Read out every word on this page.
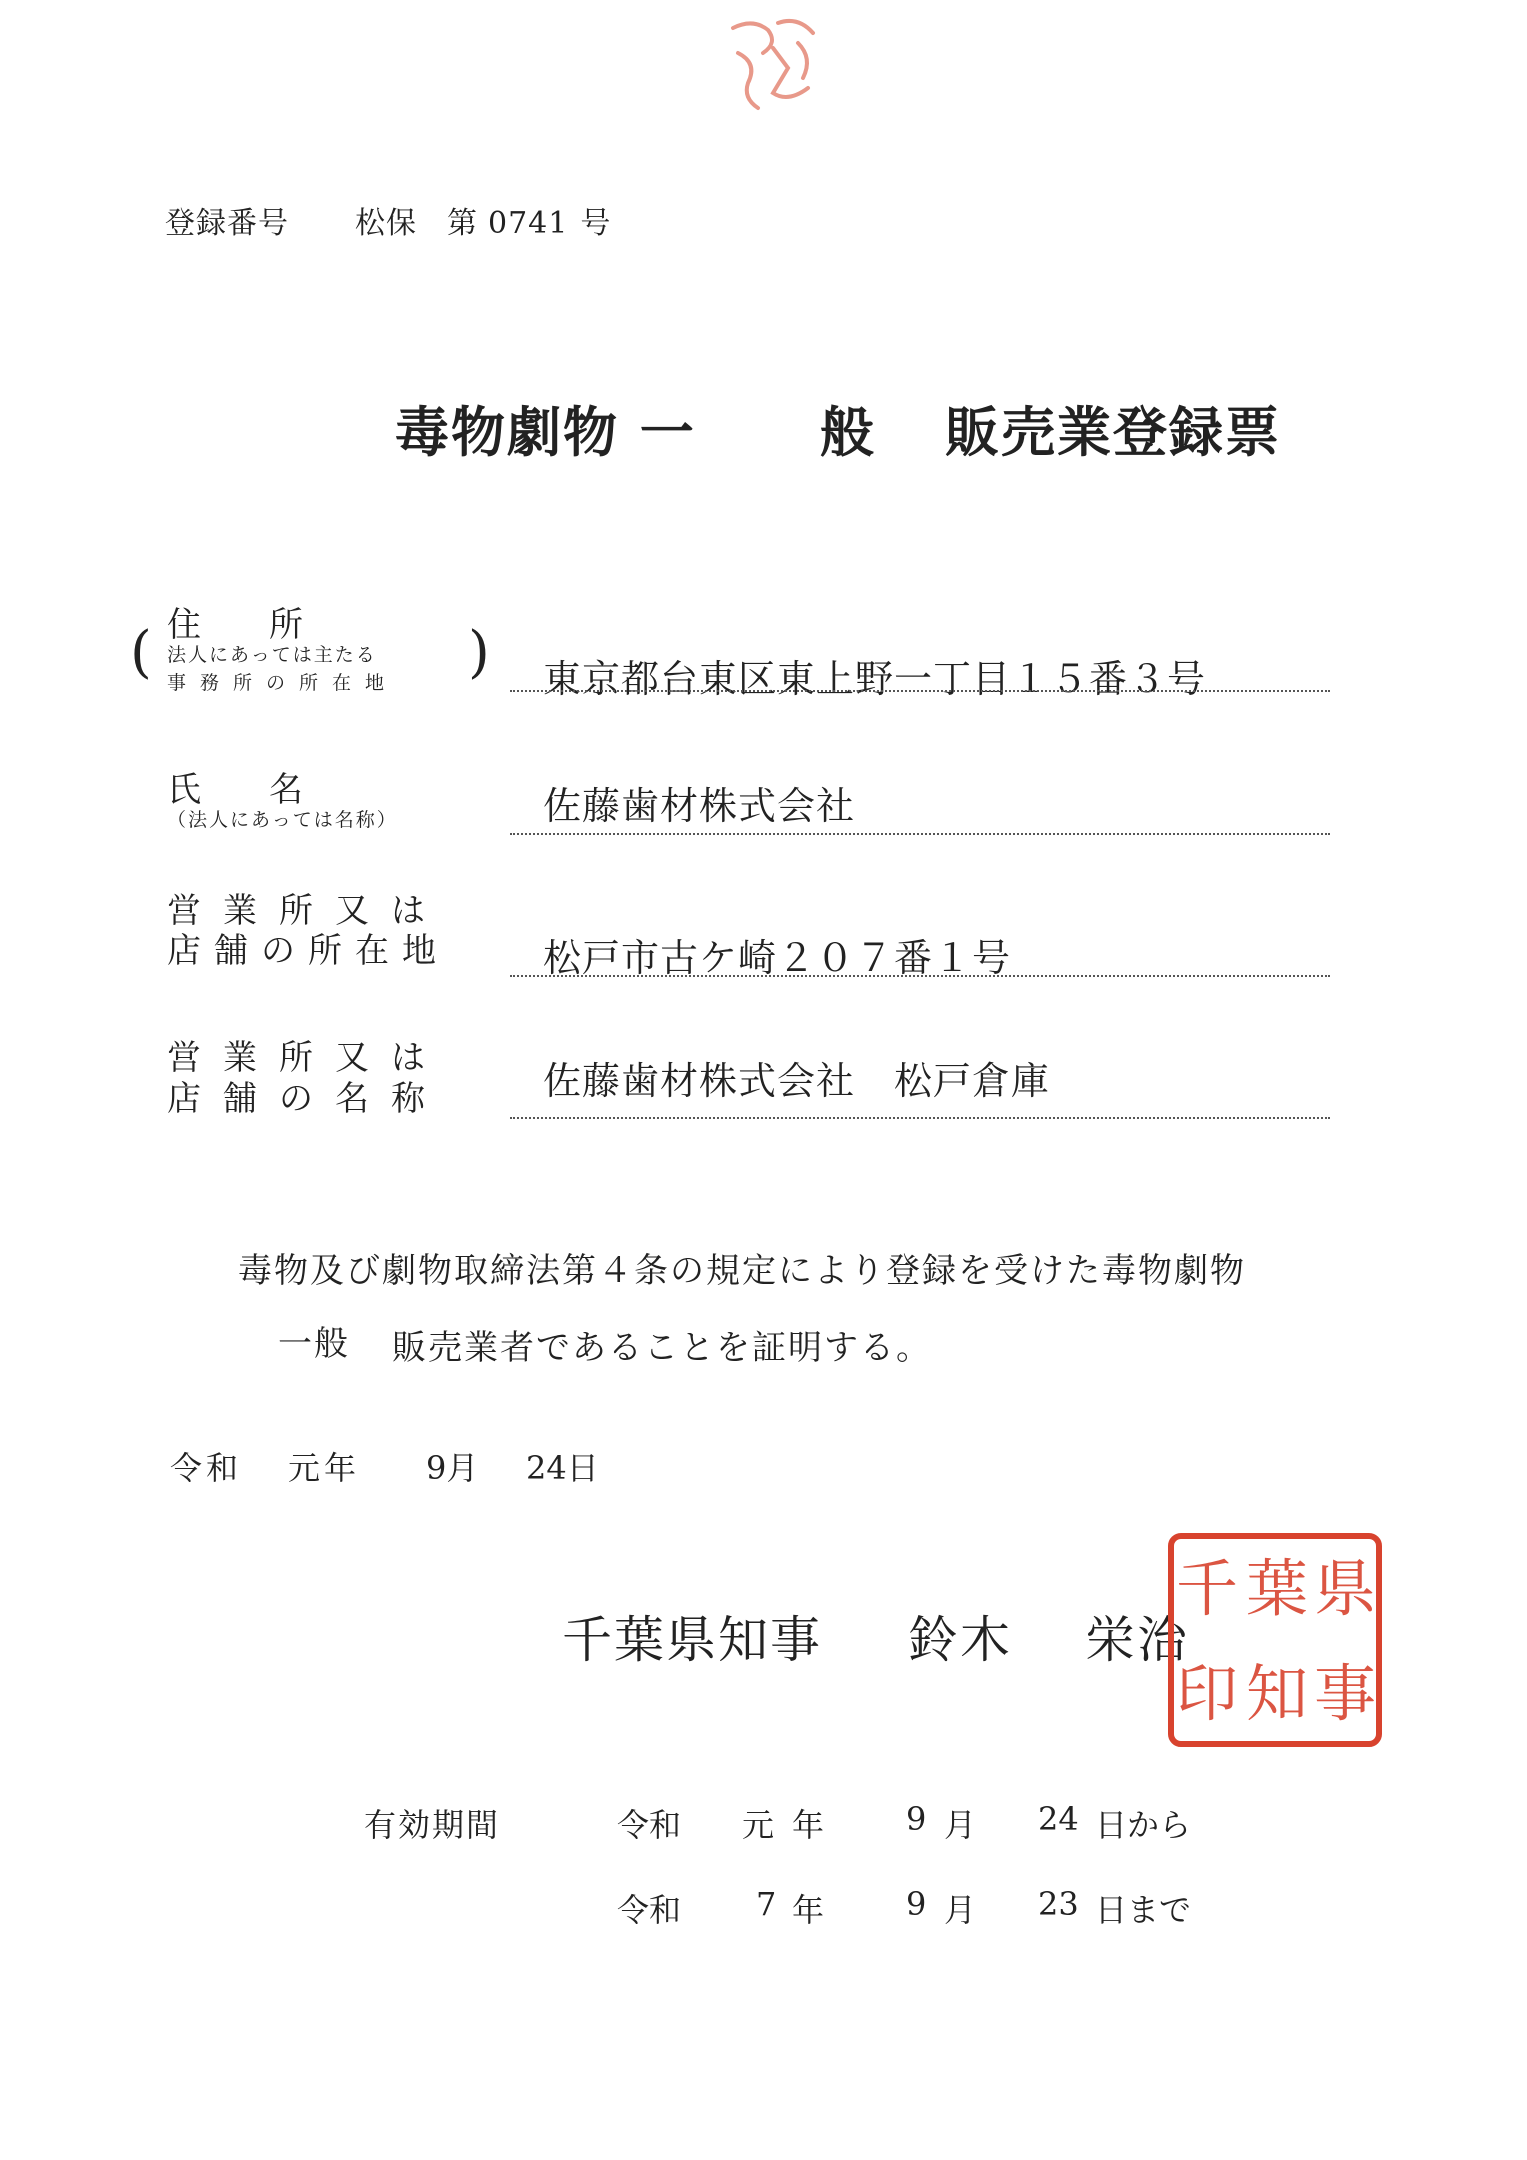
登録番号 松保 第 0741 号
毒物劇物 一 般 販売業登録票
住　　所
( 法人にあっては主たる
事務所の所在地 ) 東京都台東区東上野一丁目１５番３号
氏　　名
（法人にあっては名称）	佐藤歯材株式会社
営業所又は
店舗の所在地 松戸市古ケ崎２０７番１号
営業所又は
店舗の名称	佐藤歯材株式会社　松戸倉庫
毒物及び劇物取締法第４条の規定により登録を受けた毒物劇物
一般 販売業者であることを証明する。
令和 元年 9月 24日
千葉県知事 鈴木 栄治
県
葉
千
事
知
印
有効期間	令和 元 年	9 月 24 日から
令和 7 年	9 月 23 日まで
